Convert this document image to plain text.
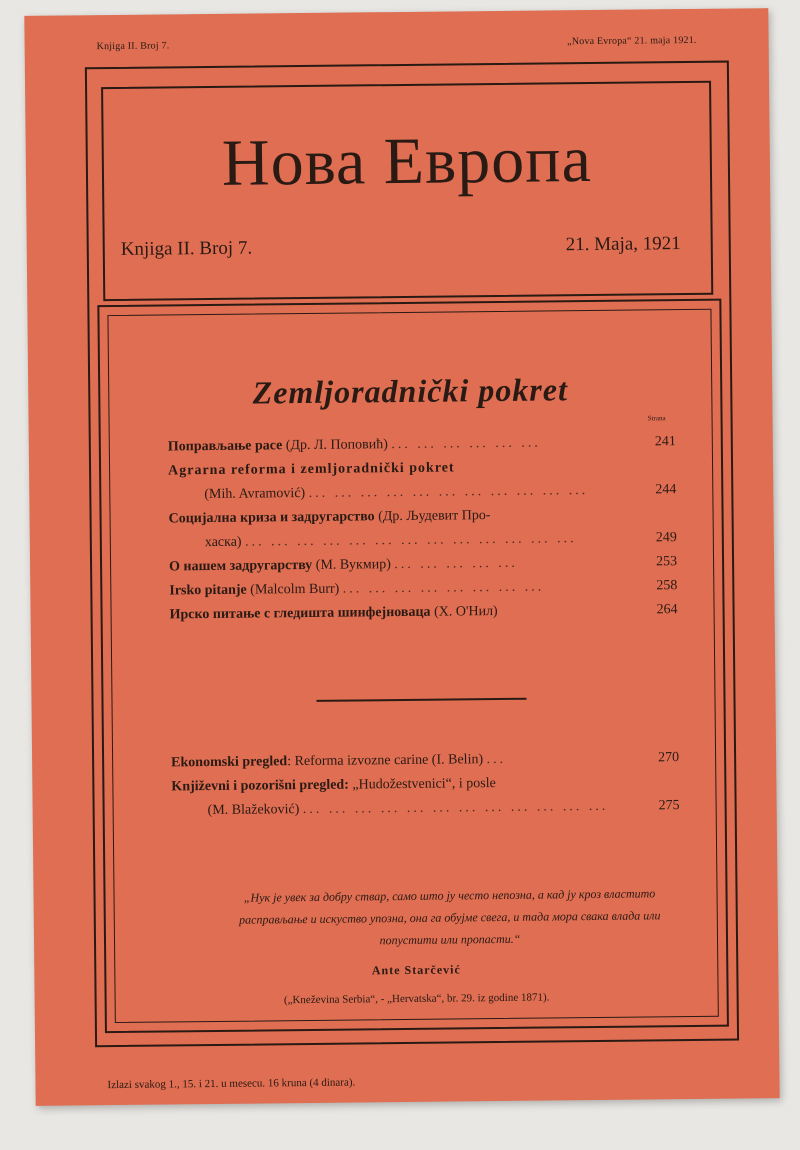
Knjiga II. Broj 7.	„Nova Evropa“ 21. maja 1921.
Нова Европа
Knjiga II. Broj 7.	21. Maja, 1921
Zemljoradnički pokret
Strana
Поправљање расе (Др. Л. Поповић) ... ... ... ... ... ...	241
Agrarna reforma i zemljoradnički pokret
(Mih. Avramović) ... ... ... ... ... ... ... ... ... ... ...	244
Социјална криза и задругарство (Др. Људевит Про-
хаска) ... ... ... ... ... ... ... ... ... ... ... ... ...	249
О нашем задругарству (М. Вукмир) ... ... ... ... ...	253
Irsko pitanje (Malcolm Burr) ... ... ... ... ... ... ... ...	258
Ирско питање с гледишта шинфејноваца (Х. О'Нил)	264
Ekonomski pregled: Reforma izvozne carine (I. Belin) ...	270
Književni i pozorišni pregled: „Hudožestvenici“, i posle
(M. Blažeković) ... ... ... ... ... ... ... ... ... ... ... ...	275
„Нук је увек за добру ствар, само што ју често непозна, а кад ју кроз властито расправљање и искуство упозна, она га обујме свега, и тада мора свака влада или попустити или пропасти.“
Ante Starčević
(„Kneževina Serbia“, - „Hervatska“, br. 29. iz godine 1871).
Izlazi svakog 1., 15. i 21. u mesecu. 16 kruna (4 dinara).
